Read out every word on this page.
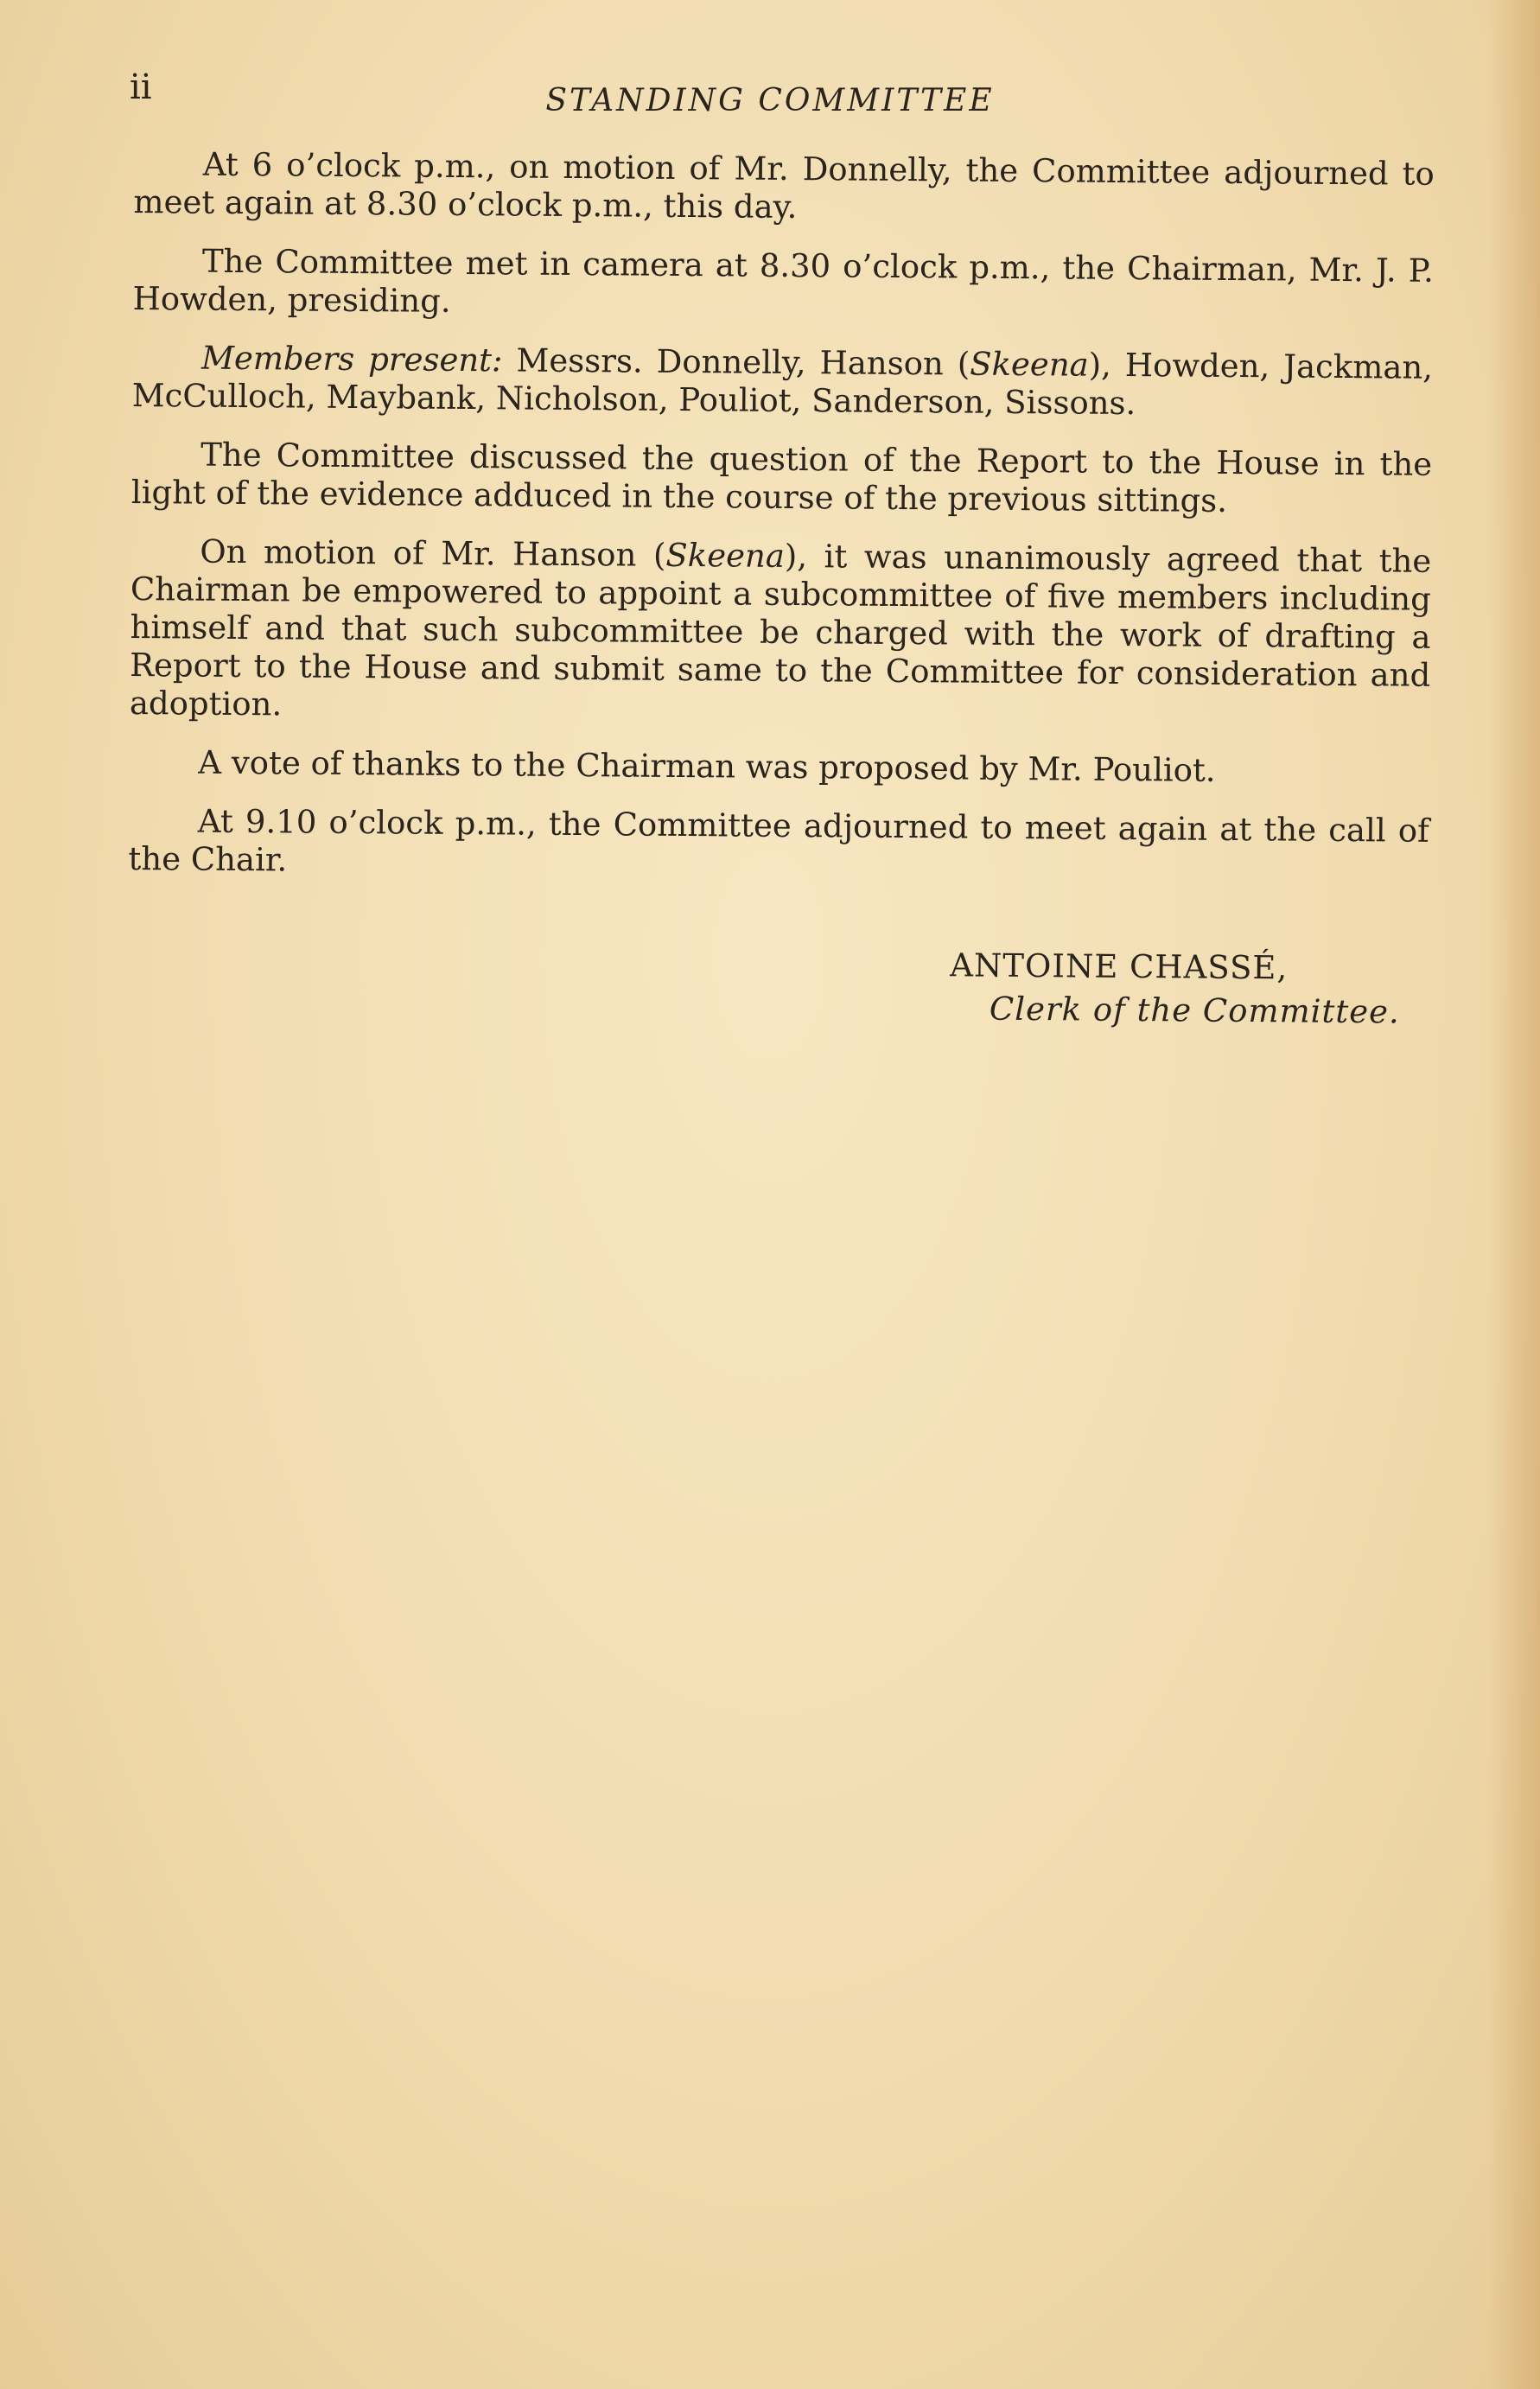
ii	STANDING COMMITTEE

At 6 o’clock p.m., on motion of Mr. Donnelly, the Committee adjourned to meet again at 8.30 o’clock p.m., this day.

The Committee met in camera at 8.30 o’clock p.m., the Chairman, Mr. J. P. Howden, presiding.

Members present: Messrs. Donnelly, Hanson (Skeena), Howden, Jackman, McCulloch, Maybank, Nicholson, Pouliot, Sanderson, Sissons.

The Committee discussed the question of the Report to the House in the light of the evidence adduced in the course of the previous sittings.

On motion of Mr. Hanson (Skeena), it was unanimously agreed that the Chairman be empowered to appoint a subcommittee of five members including himself and that such subcommittee be charged with the work of drafting a Report to the House and submit same to the Committee for consideration and adoption.

A vote of thanks to the Chairman was proposed by Mr. Pouliot.

At 9.10 o’clock p.m., the Committee adjourned to meet again at the call of the Chair.

ANTOINE CHASSÉ,
Clerk of the Committee.
